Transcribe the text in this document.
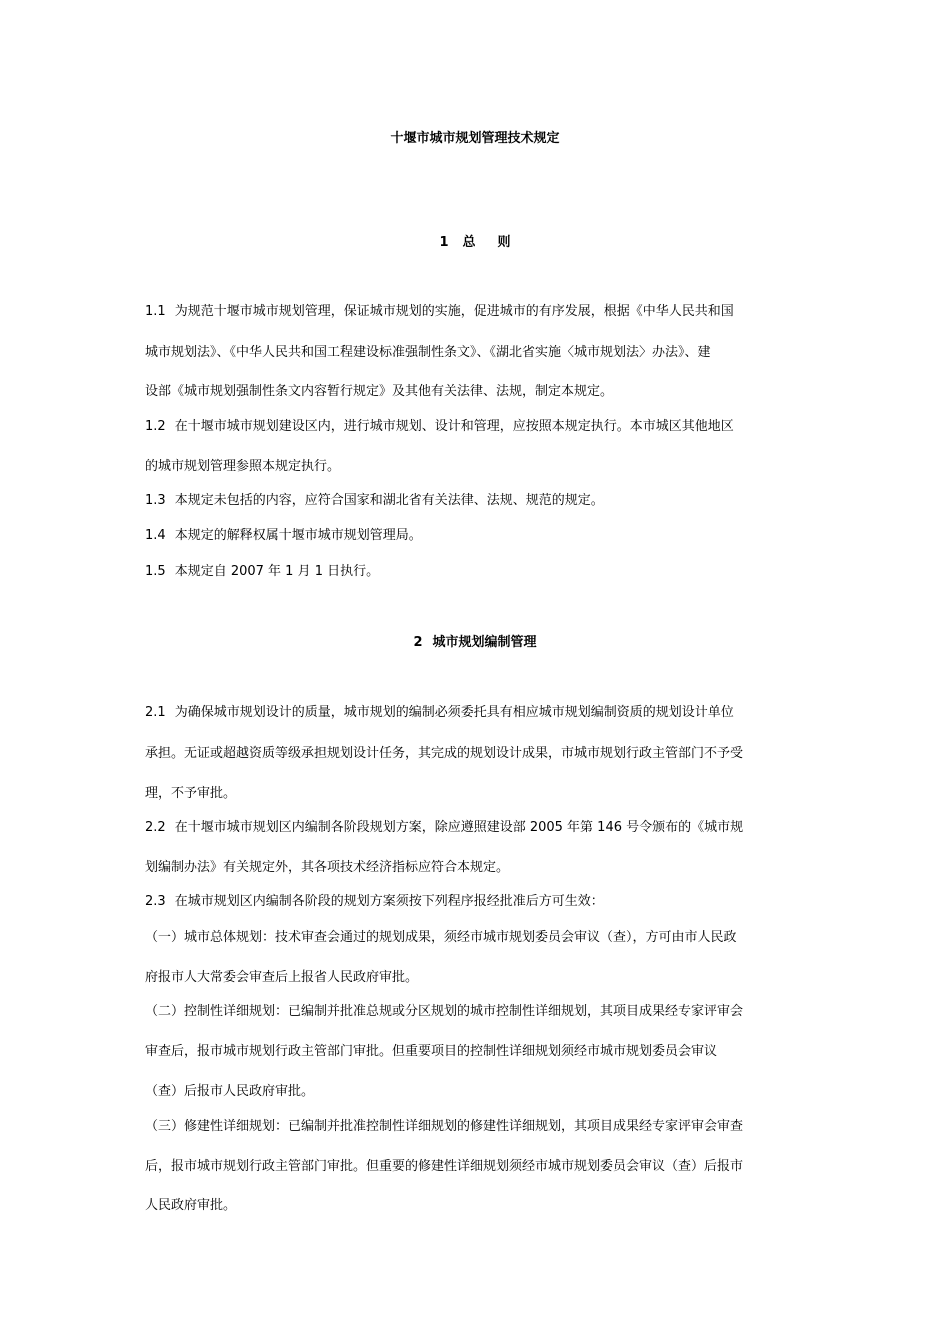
十堰市城市规划管理技术规定
1 总 则
1.1 为规范十堰市城市规划管理，保证城市规划的实施，促进城市的有序发展，根据《中华人民共和国
城市规划法》、《中华人民共和国工程建设标准强制性条文》、《湖北省实施〈城市规划法〉办法》、建
设部《城市规划强制性条文内容暂行规定》及其他有关法律、法规，制定本规定。
1.2 在十堰市城市规划建设区内，进行城市规划、设计和管理，应按照本规定执行。本市城区其他地区
的城市规划管理参照本规定执行。
1.3 本规定未包括的内容，应符合国家和湖北省有关法律、法规、规范的规定。
1.4 本规定的解释权属十堰市城市规划管理局。
1.5 本规定自 2007 年 1 月 1 日执行。
2 城市规划编制管理
2.1 为确保城市规划设计的质量，城市规划的编制必须委托具有相应城市规划编制资质的规划设计单位
承担。无证或超越资质等级承担规划设计任务，其完成的规划设计成果，市城市规划行政主管部门不予受
理，不予审批。
2.2 在十堰市城市规划区内编制各阶段规划方案，除应遵照建设部 2005 年第 146 号令颁布的《城市规
划编制办法》有关规定外，其各项技术经济指标应符合本规定。
2.3 在城市规划区内编制各阶段的规划方案须按下列程序报经批准后方可生效：
（一）城市总体规划：技术审查会通过的规划成果，须经市城市规划委员会审议（查），方可由市人民政
府报市人大常委会审查后上报省人民政府审批。
（二）控制性详细规划：已编制并批准总规或分区规划的城市控制性详细规划，其项目成果经专家评审会
审查后，报市城市规划行政主管部门审批。但重要项目的控制性详细规划须经市城市规划委员会审议
（查）后报市人民政府审批。
（三）修建性详细规划：已编制并批准控制性详细规划的修建性详细规划，其项目成果经专家评审会审查
后，报市城市规划行政主管部门审批。但重要的修建性详细规划须经市城市规划委员会审议（查）后报市
人民政府审批。
